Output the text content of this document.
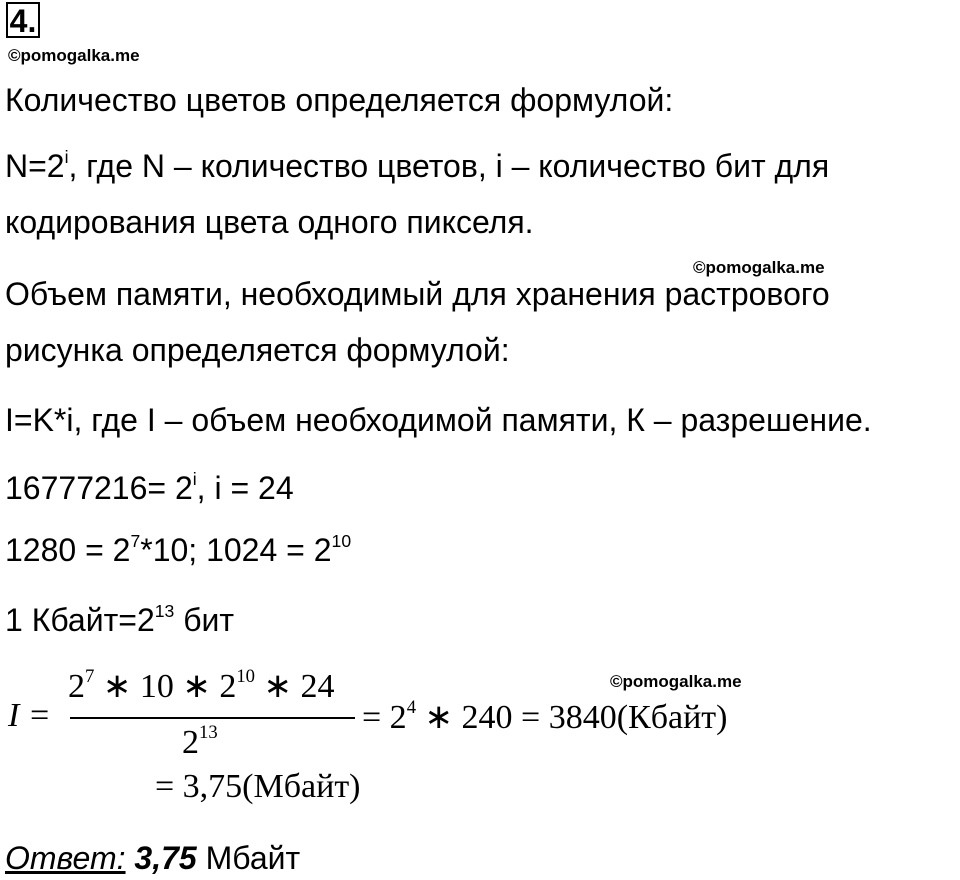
4.
©pomogalka.me
Количество цветов определяется формулой:
$N=2^i$, где N – количество цветов, i – количество бит для
кодирования цвета одного пикселя.
©pomogalka.me
Объем памяти, необходимый для хранения растрового
рисунка определяется формулой:
I=K*i, где I – объем необходимой памяти, К – разрешение.
$16777216= 2^i$, i = 24
$1280 = 2^7*10$; $1024 = 2^{10}$
1 $Кбайт=2^{13}$ бит
©pomogalka.me
I =
$2^7$ ∗ 10 ∗ $2^{10}$ ∗ 24
$2^{13}$	= $2^4$ ∗ 240 = 3840(Кбайт)
= 3,75(Мбайт)
Ответ: 3,75 Мбайт
